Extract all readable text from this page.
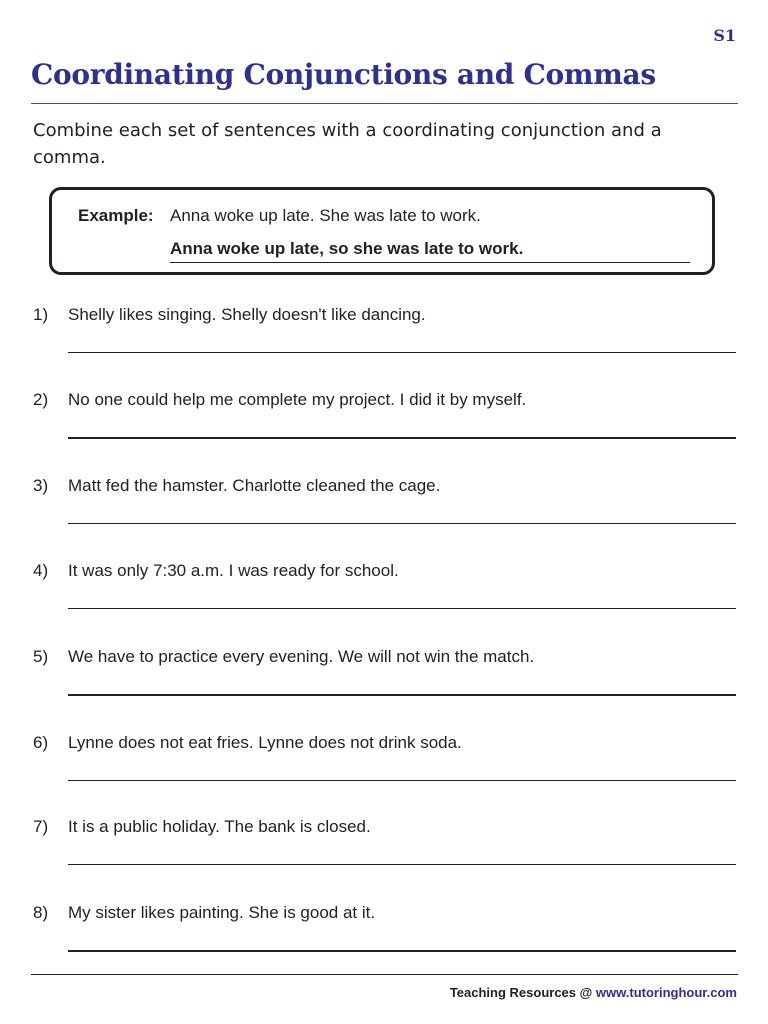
S1
Coordinating Conjunctions and Commas
Combine each set of sentences with a coordinating conjunction and a comma.
Example: Anna woke up late. She was late to work.
Anna woke up late, so she was late to work.
1) Shelly likes singing. Shelly doesn't like dancing.
2) No one could help me complete my project. I did it by myself.
3) Matt fed the hamster. Charlotte cleaned the cage.
4) It was only 7:30 a.m. I was ready for school.
5) We have to practice every evening. We will not win the match.
6) Lynne does not eat fries. Lynne does not drink soda.
7) It is a public holiday. The bank is closed.
8) My sister likes painting. She is good at it.
Teaching Resources @ www.tutoringhour.com
